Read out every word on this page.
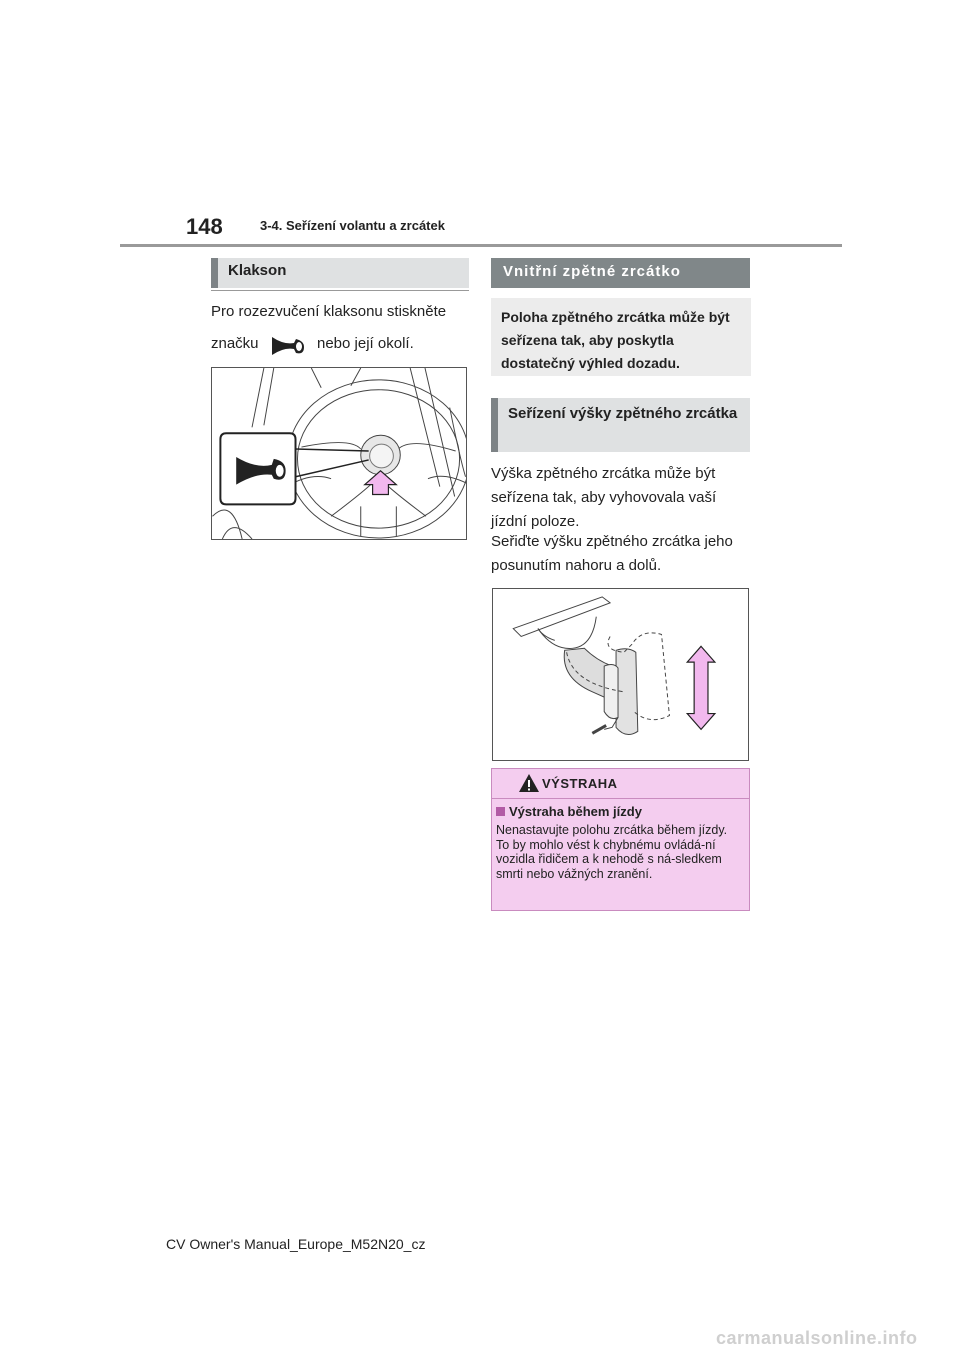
148	3-4. Seřízení volantu a zrcátek
Klakson
Pro rozezvučení klaksonu stiskněte
značku	nebo její okolí.
Vnitřní zpětné zrcátko
Poloha zpětného zrcátka může být seřízena tak, aby poskytla dostatečný výhled dozadu.
Seřízení výšky zpětného zrcátka
Výška zpětného zrcátka může být seřízena tak, aby vyhovovala vaší jízdní poloze.
Seřiďte výšku zpětného zrcátka jeho posunutím nahoru a dolů.
VÝSTRAHA
Výstraha během jízdy
Nenastavujte polohu zrcátka během jízdy.
To by mohlo vést k chybnému ovládá-ní vozidla řidičem a k nehodě s ná-sledkem smrti nebo vážných zranění.
CV Owner's Manual_Europe_M52N20_cz
carmanualsonline.info
